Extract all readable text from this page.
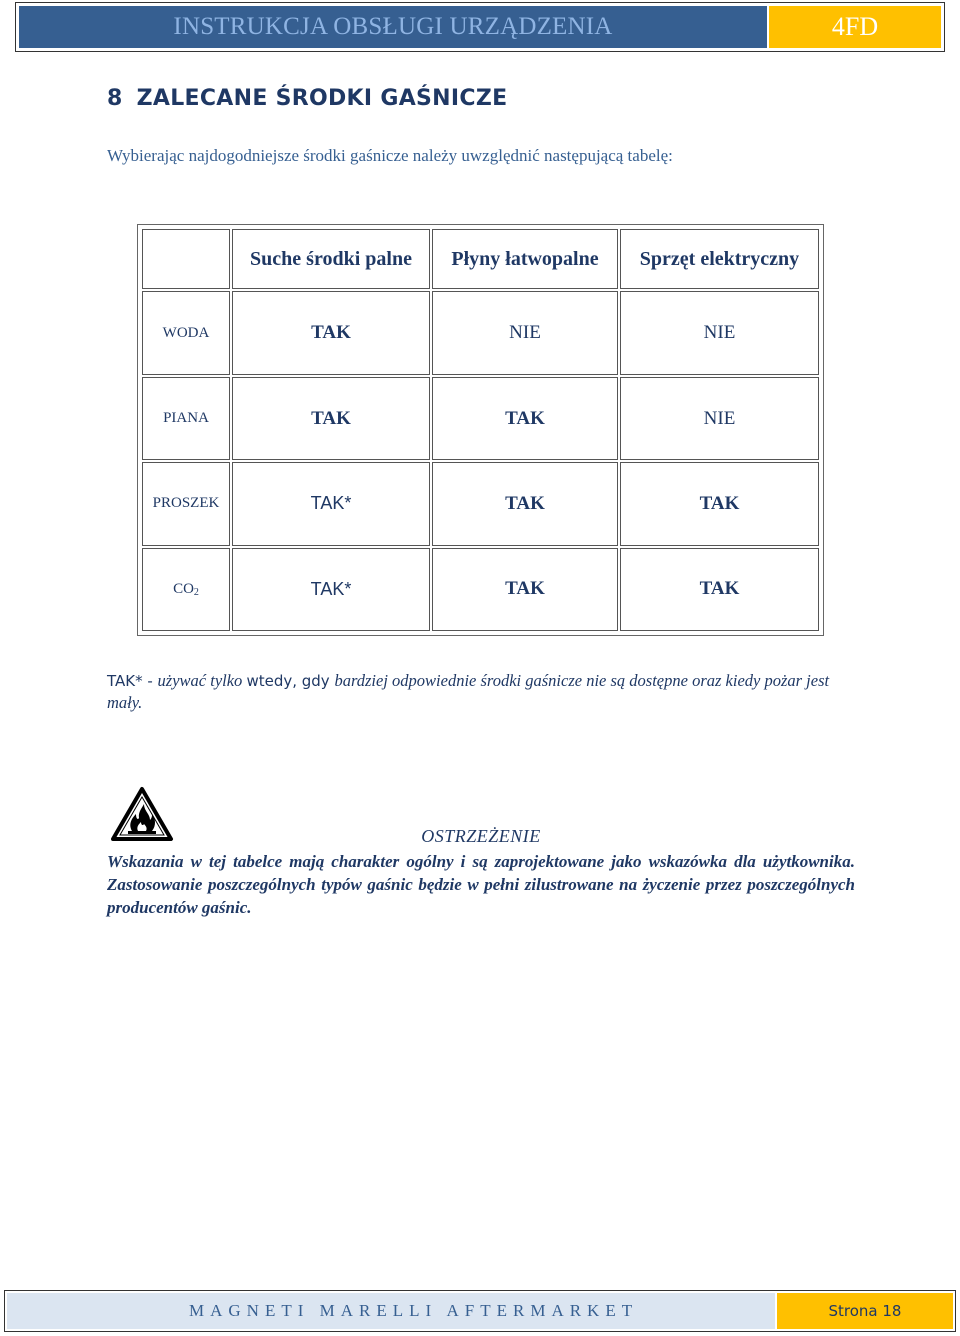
INSTRUKCJA OBSŁUGI URZĄDZENIA	4FD
8 ZALECANE ŚRODKI GAŚNICZE
Wybierając najdogodniejsze środki gaśnicze należy uwzględnić następującą tabelę:
	Suche środki palne	Płyny łatwopalne	Sprzęt elektryczny
WODA	TAK	NIE	NIE
PIANA	TAK	TAK	NIE
PROSZEK	TAK*	TAK	TAK
$CO_2$	TAK*	TAK	TAK
TAK* - używać tylko wtedy, gdy bardziej odpowiednie środki gaśnicze nie są dostępne oraz kiedy pożar jest mały.
OSTRZEŻENIE
Wskazania w tej tabelce mają charakter ogólny i są zaprojektowane jako wskazówka dla użytkownika. Zastosowanie poszczególnych typów gaśnic będzie w pełni zilustrowane na życzenie przez poszczególnych producentów gaśnic.
MAGNETI MARELLI AFTERMARKET	Strona 18
